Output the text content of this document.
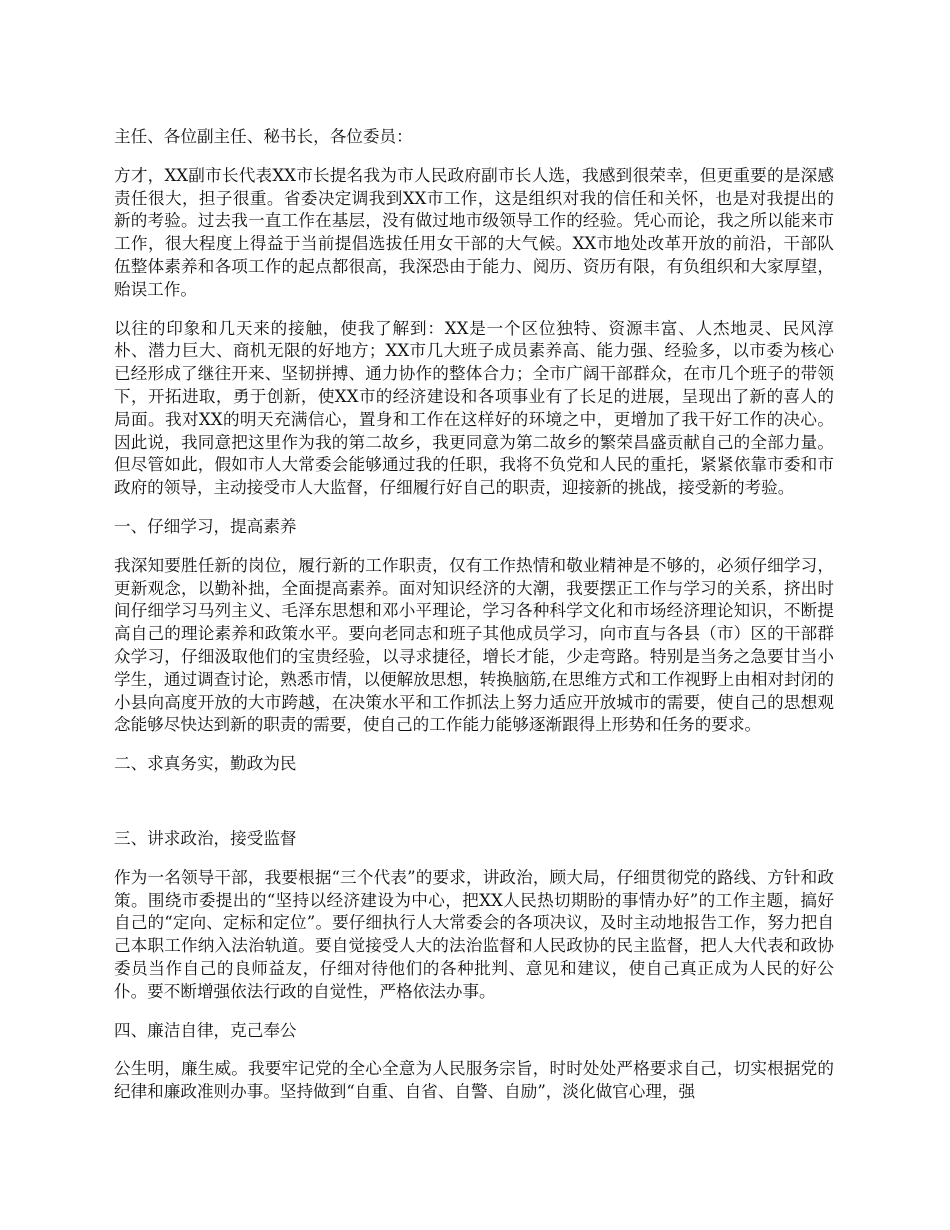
主任、各位副主任、秘书长，各位委员：

方才，XX副市长代表XX市长提名我为市人民政府副市长人选，我感到很荣幸，但更重要的是深感责任很大，担子很重。省委决定调我到XX市工作，这是组织对我的信任和关怀，也是对我提出的新的考验。过去我一直工作在基层，没有做过地市级领导工作的经验。凭心而论，我之所以能来市工作，很大程度上得益于当前提倡选拔任用女干部的大气候。XX市地处改革开放的前沿，干部队伍整体素养和各项工作的起点都很高，我深恐由于能力、阅历、资历有限，有负组织和大家厚望，贻误工作。

以往的印象和几天来的接触，使我了解到：XX是一个区位独特、资源丰富、人杰地灵、民风淳朴、潜力巨大、商机无限的好地方；XX市几大班子成员素养高、能力强、经验多，以市委为核心已经形成了继往开来、坚韧拼搏、通力协作的整体合力；全市广阔干部群众，在市几个班子的带领下，开拓进取，勇于创新，使XX市的经济建设和各项事业有了长足的进展，呈现出了新的喜人的局面。我对XX的明天充满信心，置身和工作在这样好的环境之中，更增加了我干好工作的决心。因此说，我同意把这里作为我的第二故乡，我更同意为第二故乡的繁荣昌盛贡献自己的全部力量。但尽管如此，假如市人大常委会能够通过我的任职，我将不负党和人民的重托，紧紧依靠市委和市政府的领导，主动接受市人大监督，仔细履行好自己的职责，迎接新的挑战，接受新的考验。

一、仔细学习，提高素养

我深知要胜任新的岗位，履行新的工作职责，仅有工作热情和敬业精神是不够的，必须仔细学习，更新观念，以勤补拙，全面提高素养。面对知识经济的大潮，我要摆正工作与学习的关系，挤出时间仔细学习马列主义、毛泽东思想和邓小平理论，学习各种科学文化和市场经济理论知识，不断提高自己的理论素养和政策水平。要向老同志和班子其他成员学习，向市直与各县（市）区的干部群众学习，仔细汲取他们的宝贵经验，以寻求捷径，增长才能，少走弯路。特别是当务之急要甘当小学生，通过调查讨论，熟悉市情，以便解放思想，转换脑筋,在思维方式和工作视野上由相对封闭的小县向高度开放的大市跨越，在决策水平和工作抓法上努力适应开放城市的需要，使自己的思想观念能够尽快达到新的职责的需要，使自己的工作能力能够逐渐跟得上形势和任务的要求。

二、求真务实，勤政为民

三、讲求政治，接受监督

作为一名领导干部，我要根据“三个代表”的要求，讲政治，顾大局，仔细贯彻党的路线、方针和政策。围绕市委提出的“坚持以经济建设为中心，把XX人民热切期盼的事情办好”的工作主题，搞好自己的“定向、定标和定位”。要仔细执行人大常委会的各项决议，及时主动地报告工作，努力把自己本职工作纳入法治轨道。要自觉接受人大的法治监督和人民政协的民主监督，把人大代表和政协委员当作自己的良师益友，仔细对待他们的各种批判、意见和建议，使自己真正成为人民的好公仆。要不断增强依法行政的自觉性，严格依法办事。

四、廉洁自律，克己奉公

公生明，廉生威。我要牢记党的全心全意为人民服务宗旨，时时处处严格要求自己，切实根据党的纪律和廉政准则办事。坚持做到“自重、自省、自警、自励”，淡化做官心理，强
